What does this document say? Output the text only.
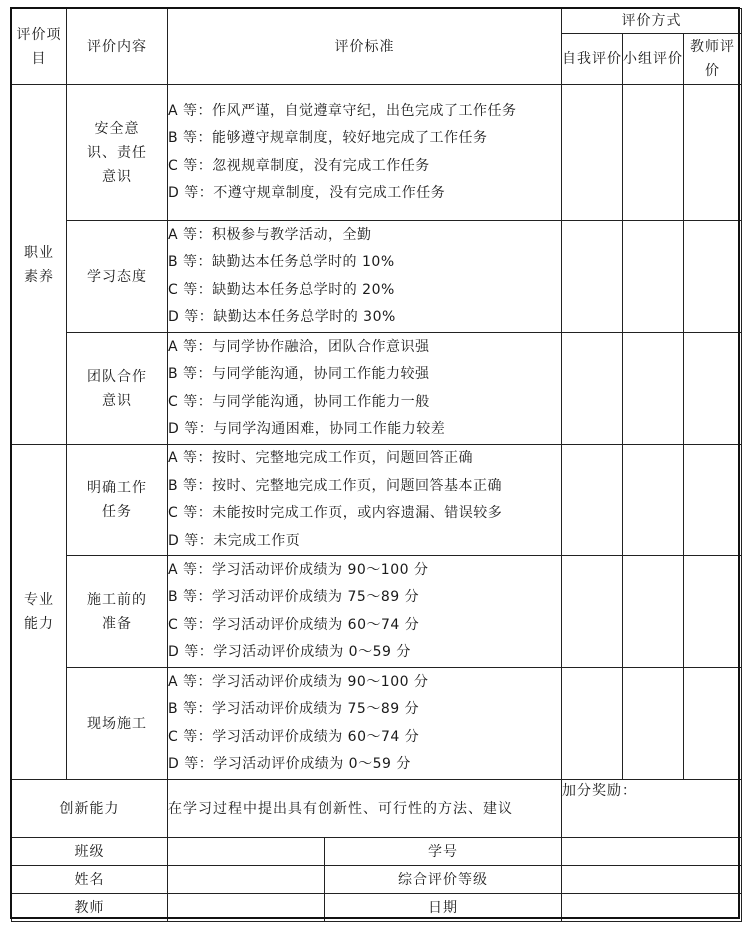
评价项目	评价内容	评价标准		评价方式		
				自我评价	小组评价	教师评价
职业素养	安全意识、责任意识	A 等：作风严谨，自觉遵章守纪，出色完成了工作任务
B 等：能够遵守规章制度，较好地完成了工作任务
C 等：忽视规章制度，没有完成工作任务
D 等：不遵守规章制度，没有完成工作任务				

	学习态度	A 等：积极参与教学活动，全勤
B 等：缺勤达本任务总学时的 10%
C 等：缺勤达本任务总学时的 20%
D 等：缺勤达本任务总学时的 30%				

	团队合作意识	A 等：与同学协作融洽，团队合作意识强
B 等：与同学能沟通，协同工作能力较强
C 等：与同学能沟通，协同工作能力一般
D 等：与同学沟通困难，协同工作能力较差				

专业能力	明确工作任务	A 等：按时、完整地完成工作页，问题回答正确
B 等：按时、完整地完成工作页，问题回答基本正确
C 等：未能按时完成工作页，或内容遗漏、错误较多
D 等：未完成工作页				

	施工前的准备	A 等：学习活动评价成绩为 90～100 分
B 等：学习活动评价成绩为 75～89 分
C 等：学习活动评价成绩为 60～74 分
D 等：学习活动评价成绩为 0～59 分				

	现场施工	A 等：学习活动评价成绩为 90～100 分
B 等：学习活动评价成绩为 75～89 分
C 等：学习活动评价成绩为 60～74 分
D 等：学习活动评价成绩为 0～59 分				

创新能力		在学习过程中提出具有创新性、可行性的方法、建议		加分奖励：		
班级			学号			
姓名			综合评价等级			
教师			日期			
